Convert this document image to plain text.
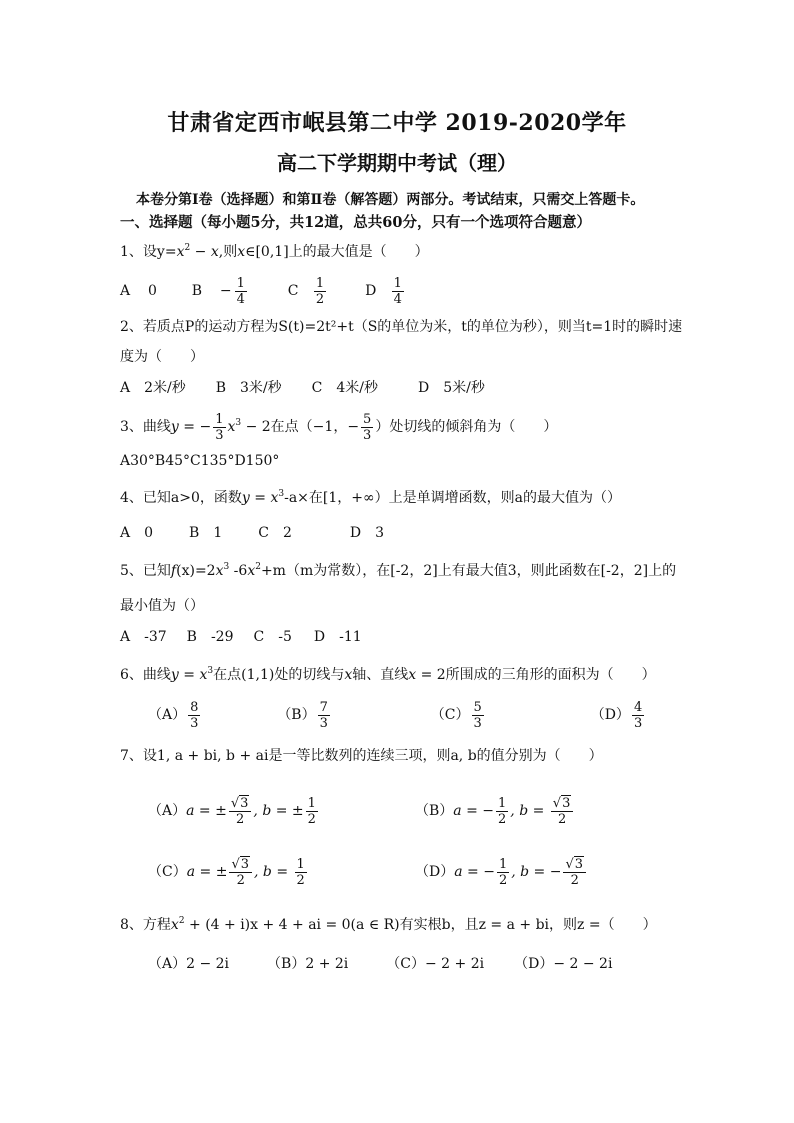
甘肃省定西市岷县第二中学 2019-2020学年
高二下学期期中考试（理）
本卷分第Ⅰ卷（选择题）和第Ⅱ卷（解答题）两部分。考试结束，只需交上答题卡。
一、选择题（每小题5分，共12道，总共60分，只有一个选项符合题意）
1、设$y=x^2 - x$,则x∈[0,1]上的最大值是（　　）
A 0 $B - \frac{1}{4}$	C $\frac{1}{2}$	D $\frac{1}{4}$
2、若质点P的运动方程为S(t)=2t²+t（S的单位为米，t的单位为秒），则当t=1时的瞬时速
度为（　　）
A　2米/秒 B　3米/秒 C　4米/秒	D　5米/秒
3、曲线y = − $\frac{1}{3} x^3 - 2$在点（−1，− $\frac{5}{3}$ ）处切线的倾斜角为（　　）
A30°B45°C135°D150°
4、已知a>0，函数$y = x^3-a\times$在[1，+∞）上是单调增函数，则a的最大值为（）
A　0	B　1	C　2	D　3
5、已知$f(x)=2x^3$ $-6x^2+m(m$为常数），在[-2，2]上有最大值3，则此函数在[-2，2]上的
最小值为（）
A　-37 B　-29 C　-5 D　-11
6、曲线$y = x^3$在点(1,1)处的切线与x轴、直线x = 2所围成的三角形的面积为（　　）
$(A) \frac{8}{3}$	$(B) \frac{7}{3}$	$(C) \frac{5}{3}$	$(D) \frac{4}{3}$
7、设1, a + bi, b + ai是一等比数列的连续三项，则a, b的值分别为（　　）
（A）a = ± $\frac{√3}{2}$ , b = ± $\frac{1}{2}$	（B）a = − $\frac{1}{2}$ , $b = \frac{√3}{2}$
（C）a = ± $\frac{√3}{2}$ , $b = \frac{1}{2}$	（D）a = − $\frac{1}{2}$ , b = − $\frac{√3}{2}$
8、方程$x^2 + (4 + i)x + 4$ + ai = 0(a ∈ R)有实根b，且z = a + bi，则z =（　　）
（A）2 − 2i	（B）2 + 2i	（C）− 2 + 2i （D）− 2 − 2i
